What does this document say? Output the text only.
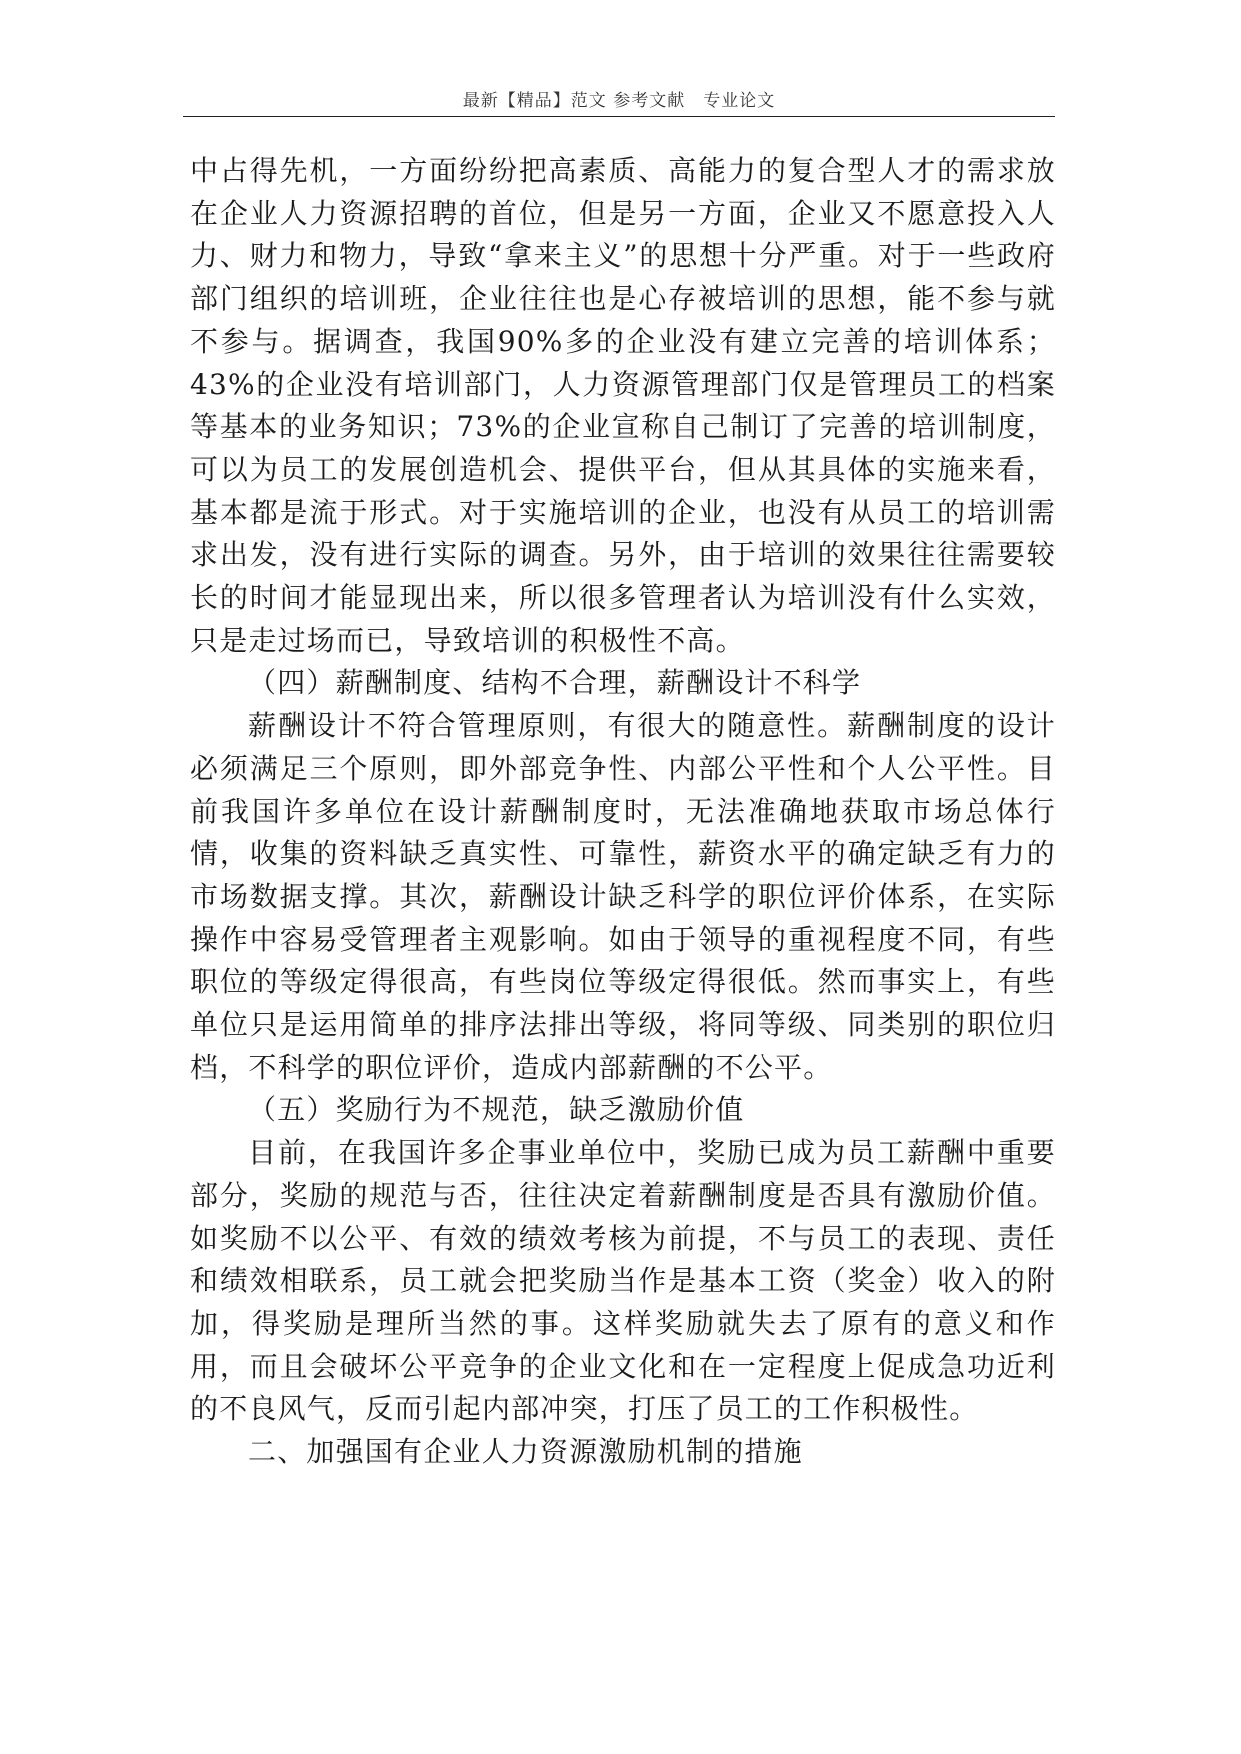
最新【精品】范文 参考文献　专业论文

中占得先机，一方面纷纷把高素质、高能力的复合型人才的需求放在企业人力资源招聘的首位，但是另一方面，企业又不愿意投入人力、财力和物力，导致“拿来主义”的思想十分严重。对于一些政府部门组织的培训班，企业往往也是心存被培训的思想，能不参与就不参与。据调查，我国90%多的企业没有建立完善的培训体系；43%的企业没有培训部门，人力资源管理部门仅是管理员工的档案等基本的业务知识；73%的企业宣称自己制订了完善的培训制度，可以为员工的发展创造机会、提供平台，但从其具体的实施来看，基本都是流于形式。对于实施培训的企业，也没有从员工的培训需求出发，没有进行实际的调查。另外，由于培训的效果往往需要较长的时间才能显现出来，所以很多管理者认为培训没有什么实效，只是走过场而已，导致培训的积极性不高。

（四）薪酬制度、结构不合理，薪酬设计不科学

薪酬设计不符合管理原则，有很大的随意性。薪酬制度的设计必须满足三个原则，即外部竞争性、内部公平性和个人公平性。目前我国许多单位在设计薪酬制度时，无法准确地获取市场总体行情，收集的资料缺乏真实性、可靠性，薪资水平的确定缺乏有力的市场数据支撑。其次，薪酬设计缺乏科学的职位评价体系，在实际操作中容易受管理者主观影响。如由于领导的重视程度不同，有些职位的等级定得很高，有些岗位等级定得很低。然而事实上，有些单位只是运用简单的排序法排出等级，将同等级、同类别的职位归档，不科学的职位评价，造成内部薪酬的不公平。

（五）奖励行为不规范，缺乏激励价值

目前，在我国许多企事业单位中，奖励已成为员工薪酬中重要部分，奖励的规范与否，往往决定着薪酬制度是否具有激励价值。如奖励不以公平、有效的绩效考核为前提，不与员工的表现、责任和绩效相联系，员工就会把奖励当作是基本工资（奖金）收入的附加，得奖励是理所当然的事。这样奖励就失去了原有的意义和作用，而且会破坏公平竞争的企业文化和在一定程度上促成急功近利的不良风气，反而引起内部冲突，打压了员工的工作积极性。

二、加强国有企业人力资源激励机制的措施
